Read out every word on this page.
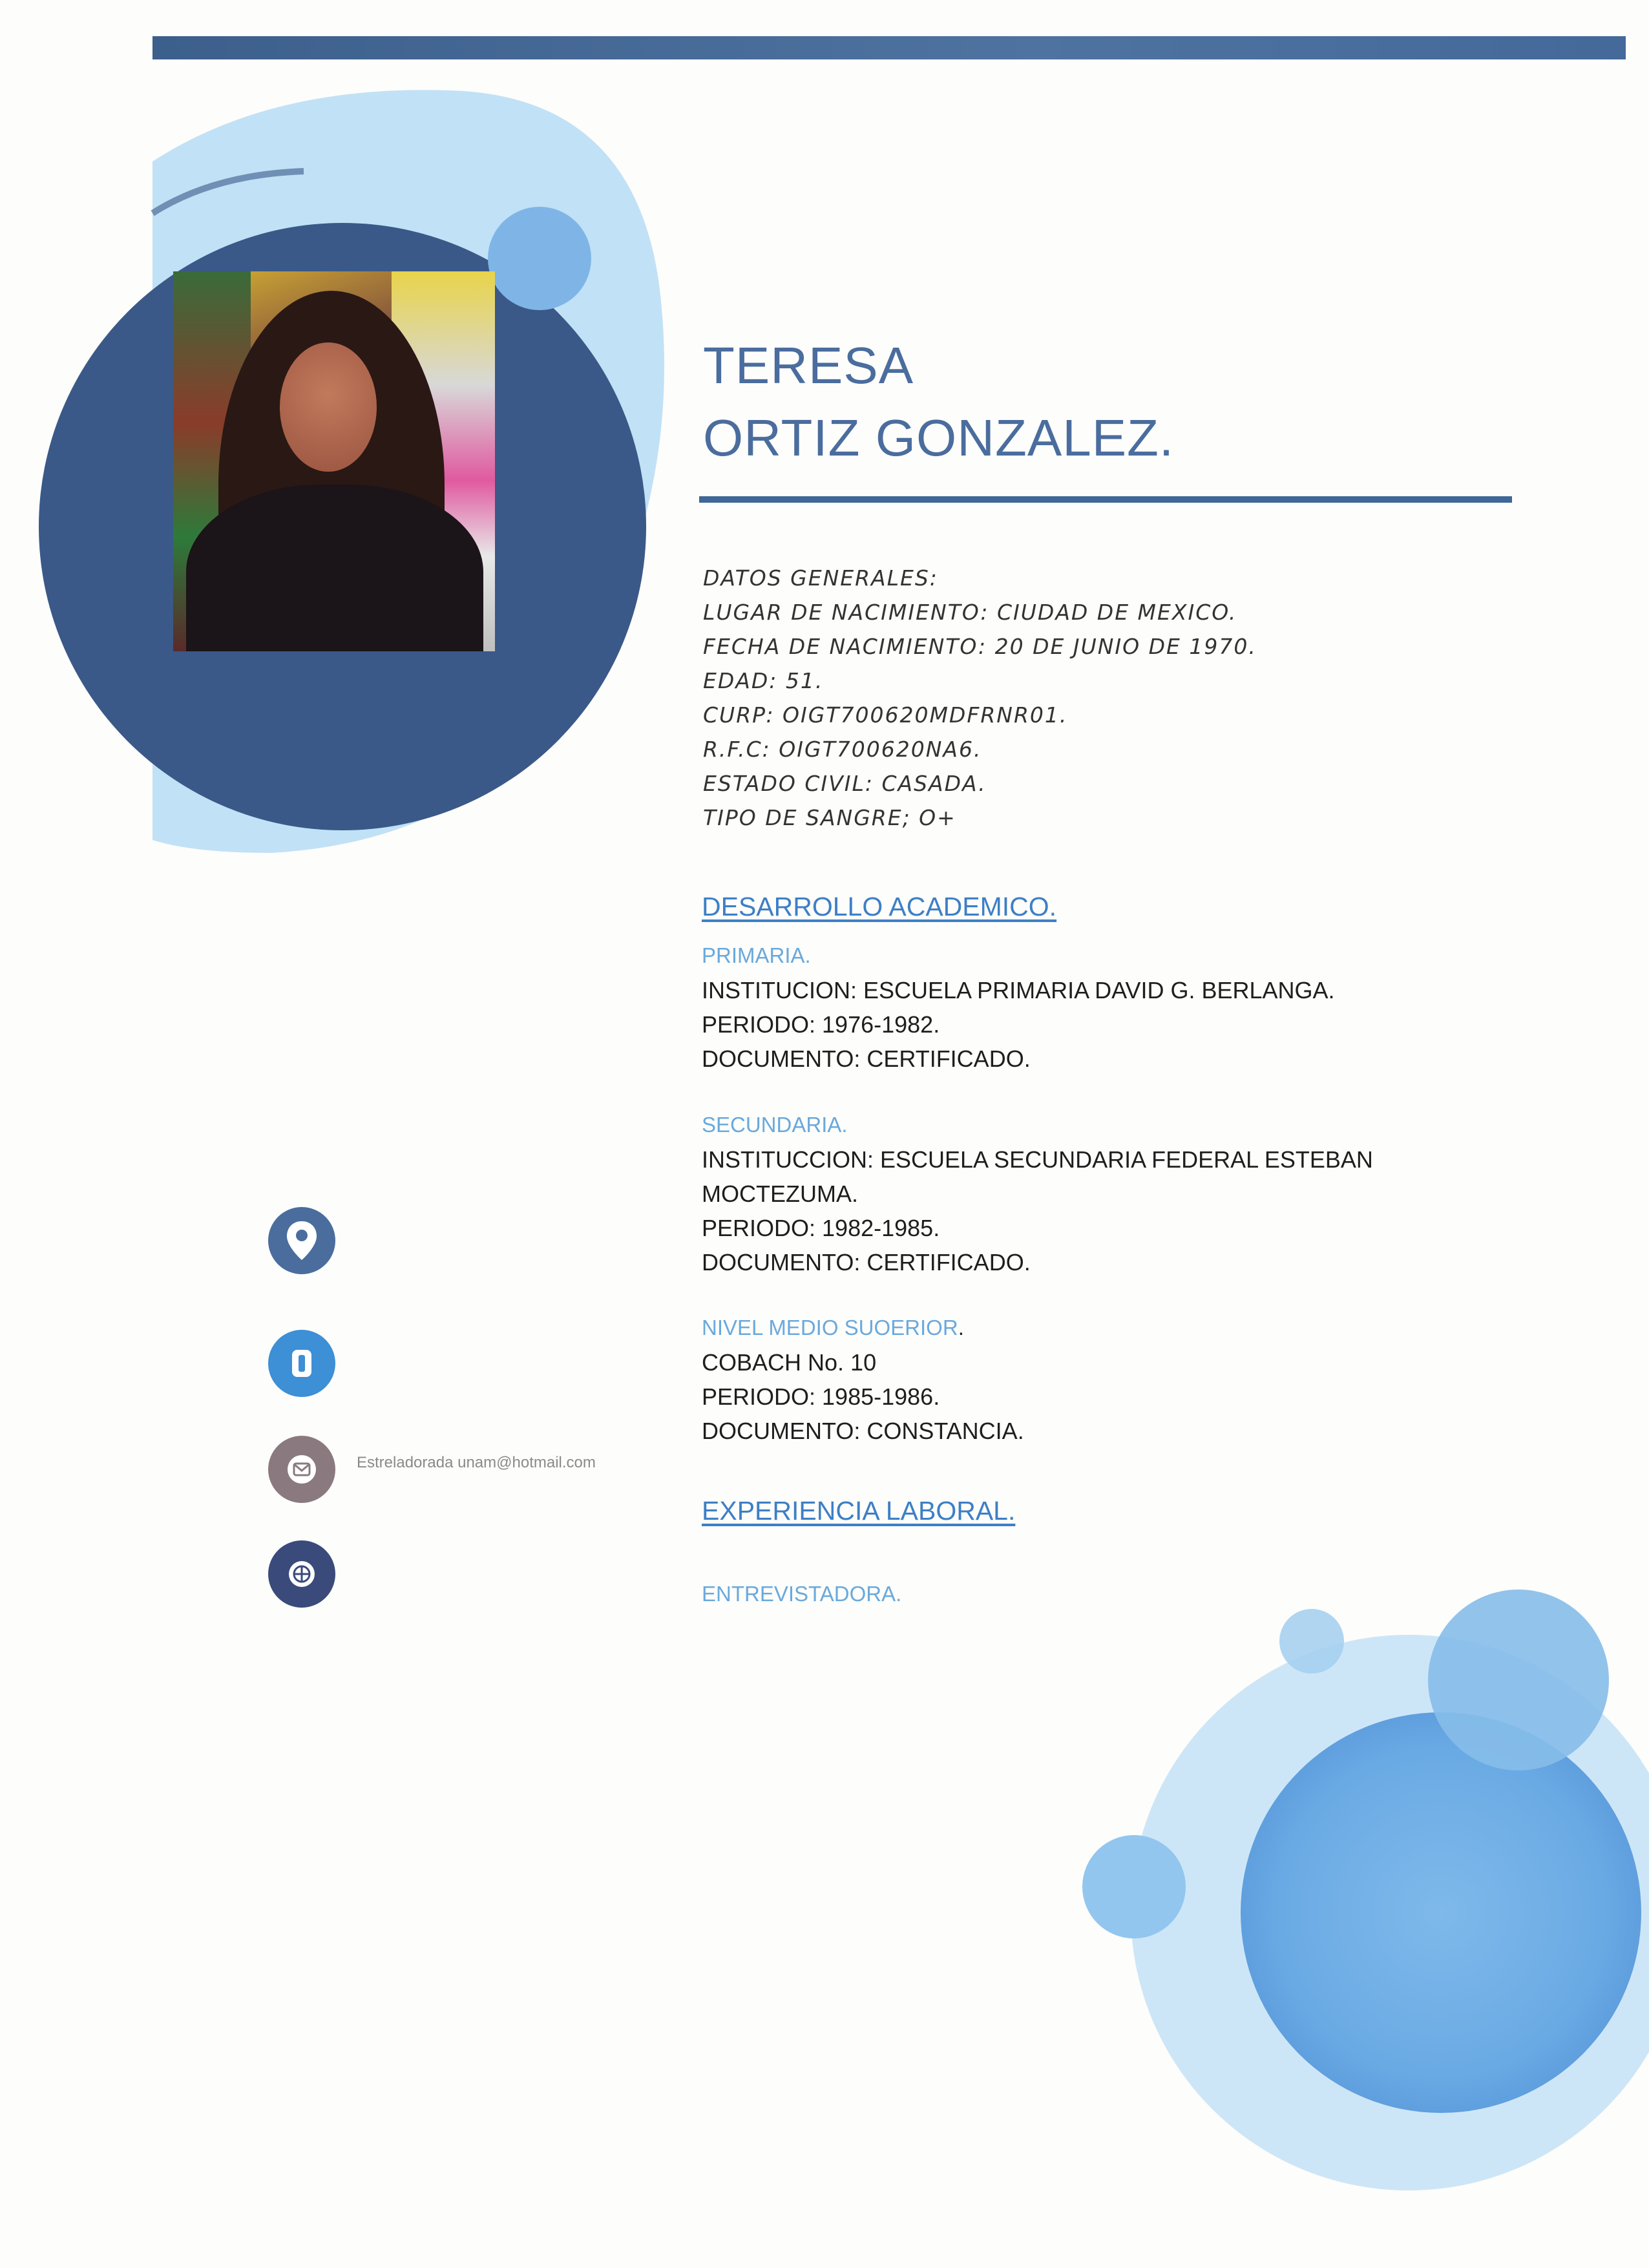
TERESA
ORTIZ GONZALEZ.
DATOS GENERALES:
LUGAR DE NACIMIENTO: CIUDAD DE MEXICO.
FECHA DE NACIMIENTO: 20 DE JUNIO DE 1970.
EDAD: 51.
CURP: OIGT700620MDFRNR01.
R.F.C: OIGT700620NA6.
ESTADO CIVIL: CASADA.
TIPO DE SANGRE; O+
DESARROLLO ACADEMICO.
PRIMARIA.
INSTITUCION: ESCUELA PRIMARIA DAVID G. BERLANGA.
PERIODO: 1976-1982.
DOCUMENTO: CERTIFICADO.
SECUNDARIA.
INSTITUCCION: ESCUELA SECUNDARIA FEDERAL ESTEBAN
MOCTEZUMA.
PERIODO: 1982-1985.
DOCUMENTO: CERTIFICADO.
NIVEL MEDIO SUOERIOR.
COBACH No. 10
PERIODO: 1985-1986.
DOCUMENTO: CONSTANCIA.
EXPERIENCIA LABORAL.
ENTREVISTADORA.
Estreladorada unam@hotmail.com
